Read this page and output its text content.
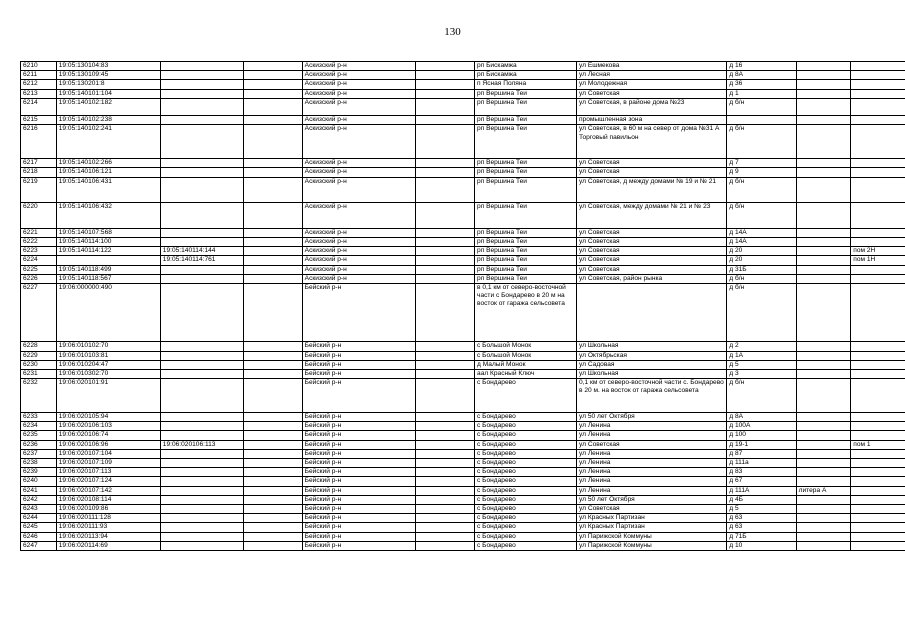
130
6210	19:05:130104:83			Аскизский р-н		рп Бискамжа	ул Ешмекова	д 16		
6211	19:05:130109:45			Аскизский р-н		рп Бискамжа	ул Лесная	д 8А		
6212	19:05:130201:8			Аскизский р-н		п Ясная Поляна	ул Молодежная	д 36		
6213	19:05:140101:104			Аскизский р-н		рп Вершина Теи	ул Советская	д 1		
6214	19:05:140102:182			Аскизский р-н		рп Вершина Теи	ул Советская, в районе дома №23	д б/н		
6215	19:05:140102:238			Аскизский р-н		рп Вершина Теи	промышленная зона			
6216	19:05:140102:241			Аскизский р-н		рп Вершина Теи	ул Советская, в 60 м на север от дома №31 А Торговый павильон	д б/н		
6217	19:05:140102:266			Аскизский р-н		рп Вершина Теи	ул Советская	д 7		
6218	19:05:140106:121			Аскизский р-н		рп Вершина Теи	ул Советская	д 9		
6219	19:05:140106:431			Аскизский р-н		рп Вершина Теи	ул Советская, д между домами № 19 и № 21	д б/н		
6220	19:05:140106:432			Аскизский р-н		рп Вершина Теи	ул Советская, между домами № 21 и № 23	д б/н		
6221	19:05:140107:568			Аскизский р-н		рп Вершина Теи	ул Советская	д 14А		
6222	19:05:140114:100			Аскизский р-н		рп Вершина Теи	ул Советская	д 14А		
6223	19:05:140114:122	19:05:140114:144		Аскизский р-н		рп Вершина Теи	ул Советская	д 20		пом 2Н
6224		19:05:140114:761		Аскизский р-н		рп Вершина Теи	ул Советская	д 20		пом 1Н
6225	19:05:140118:499			Аскизский р-н		рп Вершина Теи	ул Советская	д 31Б		
6226	19:05:140118:567			Аскизский р-н		рп Вершина Теи	ул Советская, район рынка	д б/н		
6227	19:06:000000:490			Бейский р-н		в 0,1 км от северо-восточной части с Бондарево в 20 м на восток от гаража сельсовета		д б/н		
6228	19:06:010102:70			Бейский р-н		с Большой Монок	ул Школьная	д 2		
6229	19:06:010103:81			Бейский р-н		с Большой Монок	ул Октябрьская	д 1А		
6230	19:06:010204:47			Бейский р-н		д Малый Монок	ул Садовая	д 5		
6231	19:06:010302:70			Бейский р-н		аал Красный Ключ	ул Школьная	д 3		
6232	19:06:020101:91			Бейский р-н		с Бондарево	0,1 км от северо-восточной части с. Бондарево в 20 м. на восток от гаража сельсовета	д б/н		
6233	19:06:020105:94			Бейский р-н		с Бондарево	ул 50 лет Октября	д 8А		
6234	19:06:020106:103			Бейский р-н		с Бондарево	ул Ленина	д 100А		
6235	19:06:020106:74			Бейский р-н		с Бондарево	ул Ленина	д 100		
6236	19:06:020106:96	19:06:020106:113		Бейский р-н		с Бондарево	ул Советская	д 19-1		пом 1
6237	19:06:020107:104			Бейский р-н		с Бондарево	ул Ленина	д 87		
6238	19:06:020107:109			Бейский р-н		с Бондарево	ул Ленина	д 111а		
6239	19:06:020107:113			Бейский р-н		с Бондарево	ул Ленина	д 83		
6240	19:06:020107:124			Бейский р-н		с Бондарево	ул Ленина	д 67		
6241	19:06:020107:142			Бейский р-н		с Бондарево	ул Ленина	д 111А	литера А	
6242	19:06:020108:114			Бейский р-н		с Бондарево	ул 50 лет Октября	д 4Б		
6243	19:06:020109:86			Бейский р-н		с Бондарево	ул Советская	д 5		
6244	19:06:020111:128			Бейский р-н		с Бондарево	ул Красных Партизан	д 63		
6245	19:06:020111:93			Бейский р-н		с Бондарево	ул Красных Партизан	д 63		
6246	19:06:020113:94			Бейский р-н		с Бондарево	ул Парижской Коммуны	д 71Б		
6247	19:06:020114:69			Бейский р-н		с Бондарево	ул Парижской Коммуны	д 10		
